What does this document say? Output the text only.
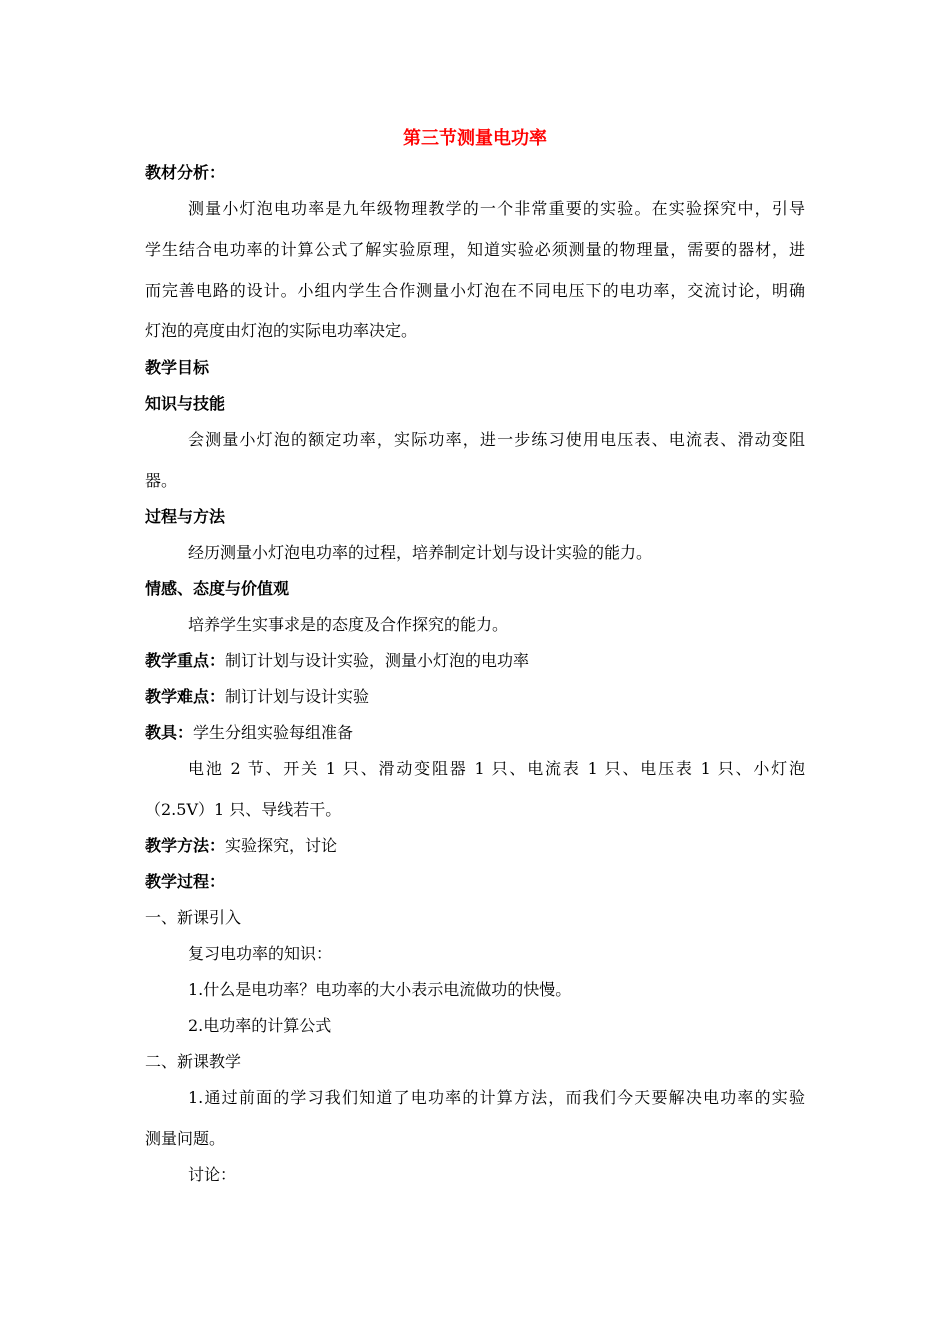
第三节测量电功率
教材分析：
测量小灯泡电功率是九年级物理教学的一个非常重要的实验。在实验探究中，引导
学生结合电功率的计算公式了解实验原理，知道实验必须测量的物理量，需要的器材，进
而完善电路的设计。小组内学生合作测量小灯泡在不同电压下的电功率，交流讨论，明确
灯泡的亮度由灯泡的实际电功率决定。
教学目标
知识与技能
会测量小灯泡的额定功率，实际功率，进一步练习使用电压表、电流表、滑动变阻
器。
过程与方法
经历测量小灯泡电功率的过程，培养制定计划与设计实验的能力。
情感、态度与价值观
培养学生实事求是的态度及合作探究的能力。
教学重点：制订计划与设计实验，测量小灯泡的电功率
教学难点：制订计划与设计实验
教具：学生分组实验每组准备
电池 2 节、开关 1 只、滑动变阻器 1 只、电流表 1 只、电压表 1 只、小灯泡
（2.5V）1 只、导线若干。
教学方法：实验探究，讨论
教学过程：
一、新课引入
复习电功率的知识：
1.什么是电功率？电功率的大小表示电流做功的快慢。
2.电功率的计算公式
二、新课教学
1.通过前面的学习我们知道了电功率的计算方法，而我们今天要解决电功率的实验
测量问题。
讨论：
